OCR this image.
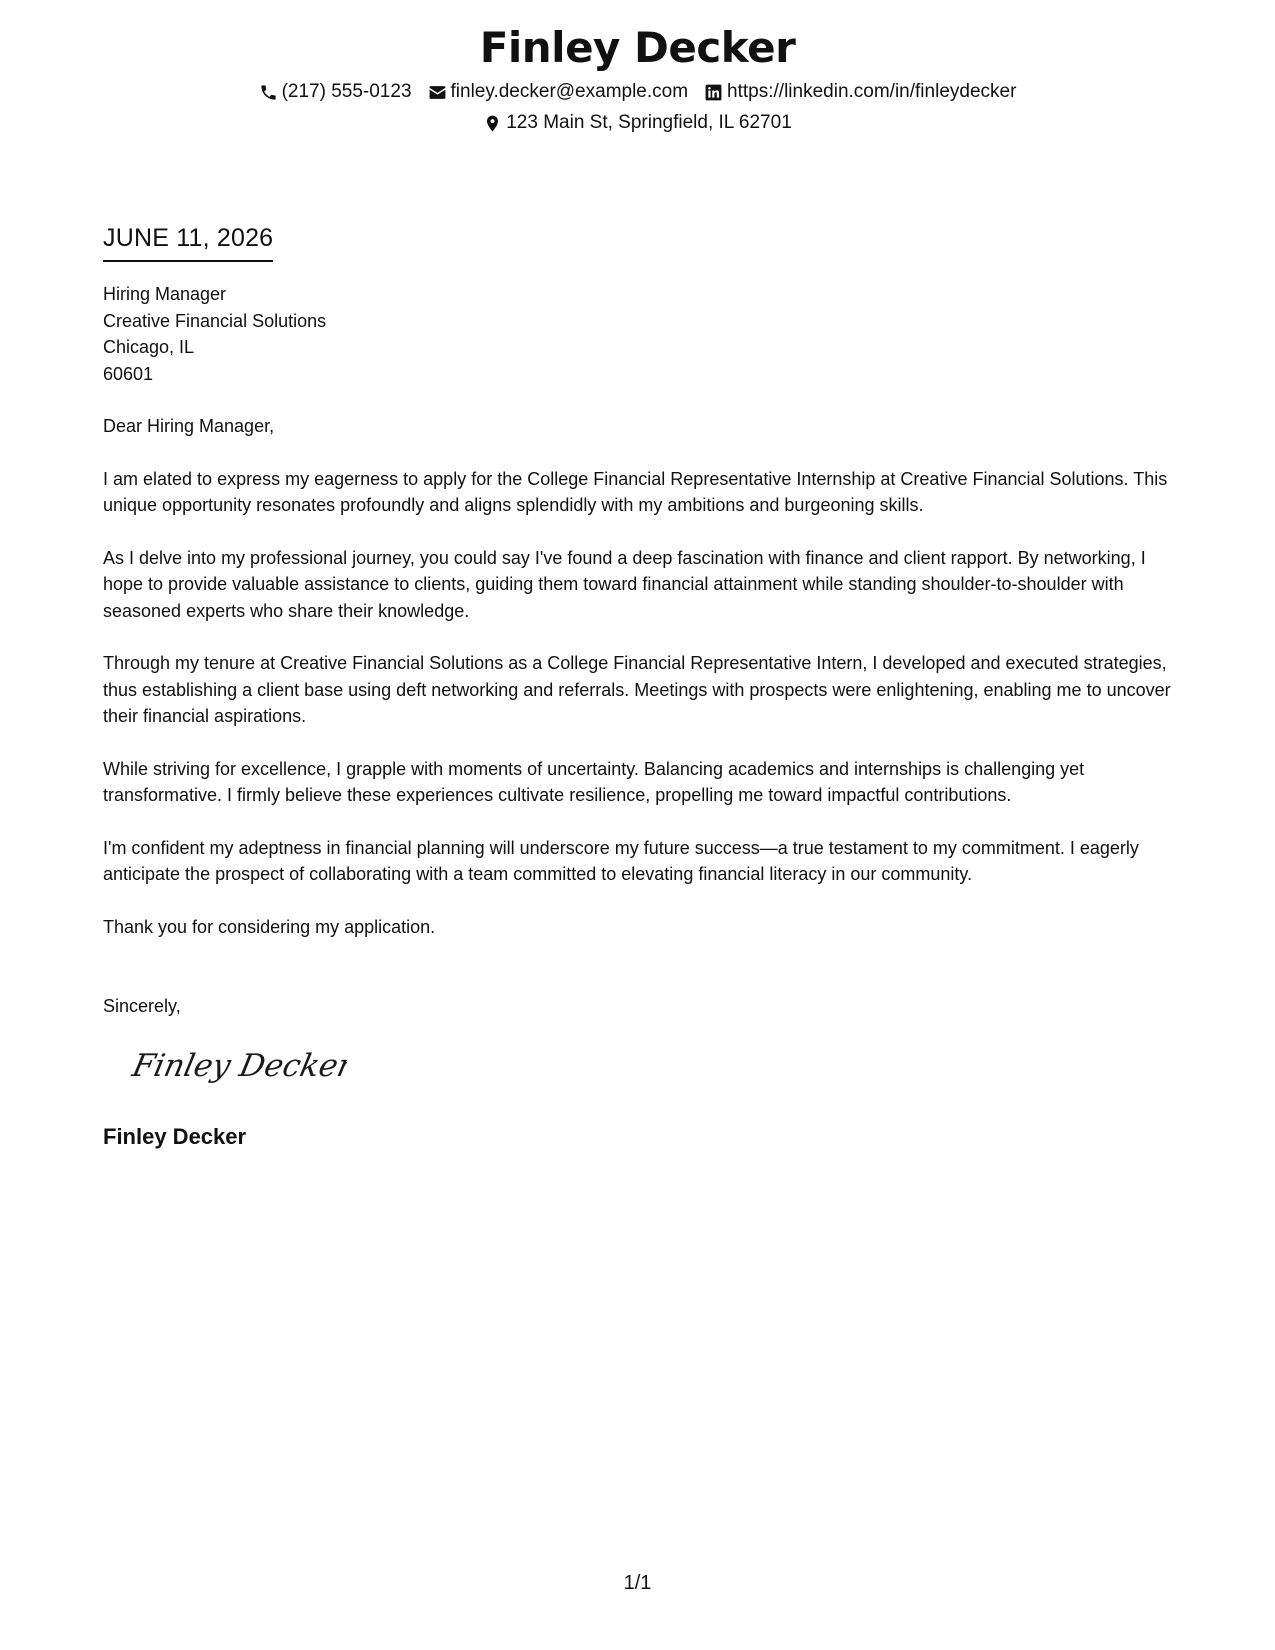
Finley Decker
(217) 555-0123 finley.decker@example.com https://linkedin.com/in/finleydecker
123 Main St, Springfield, IL 62701
JUNE 11, 2026
Hiring Manager
Creative Financial Solutions
Chicago, IL
60601

Dear Hiring Manager,

I am elated to express my eagerness to apply for the College Financial Representative Internship at Creative Financial Solutions. This unique opportunity resonates profoundly and aligns splendidly with my ambitions and burgeoning skills.

As I delve into my professional journey, you could say I've found a deep fascination with finance and client rapport. By networking, I hope to provide valuable assistance to clients, guiding them toward financial attainment while standing shoulder-to-shoulder with seasoned experts who share their knowledge.

Through my tenure at Creative Financial Solutions as a College Financial Representative Intern, I developed and executed strategies, thus establishing a client base using deft networking and referrals. Meetings with prospects were enlightening, enabling me to uncover their financial aspirations.

While striving for excellence, I grapple with moments of uncertainty. Balancing academics and internships is challenging yet transformative. I firmly believe these experiences cultivate resilience, propelling me toward impactful contributions.

I'm confident my adeptness in financial planning will underscore my future success—a true testament to my commitment. I eagerly anticipate the prospect of collaborating with a team committed to elevating financial literacy in our community.

Thank you for considering my application.

Sincerely,
Finley Decker
Finley Decker
1/1
